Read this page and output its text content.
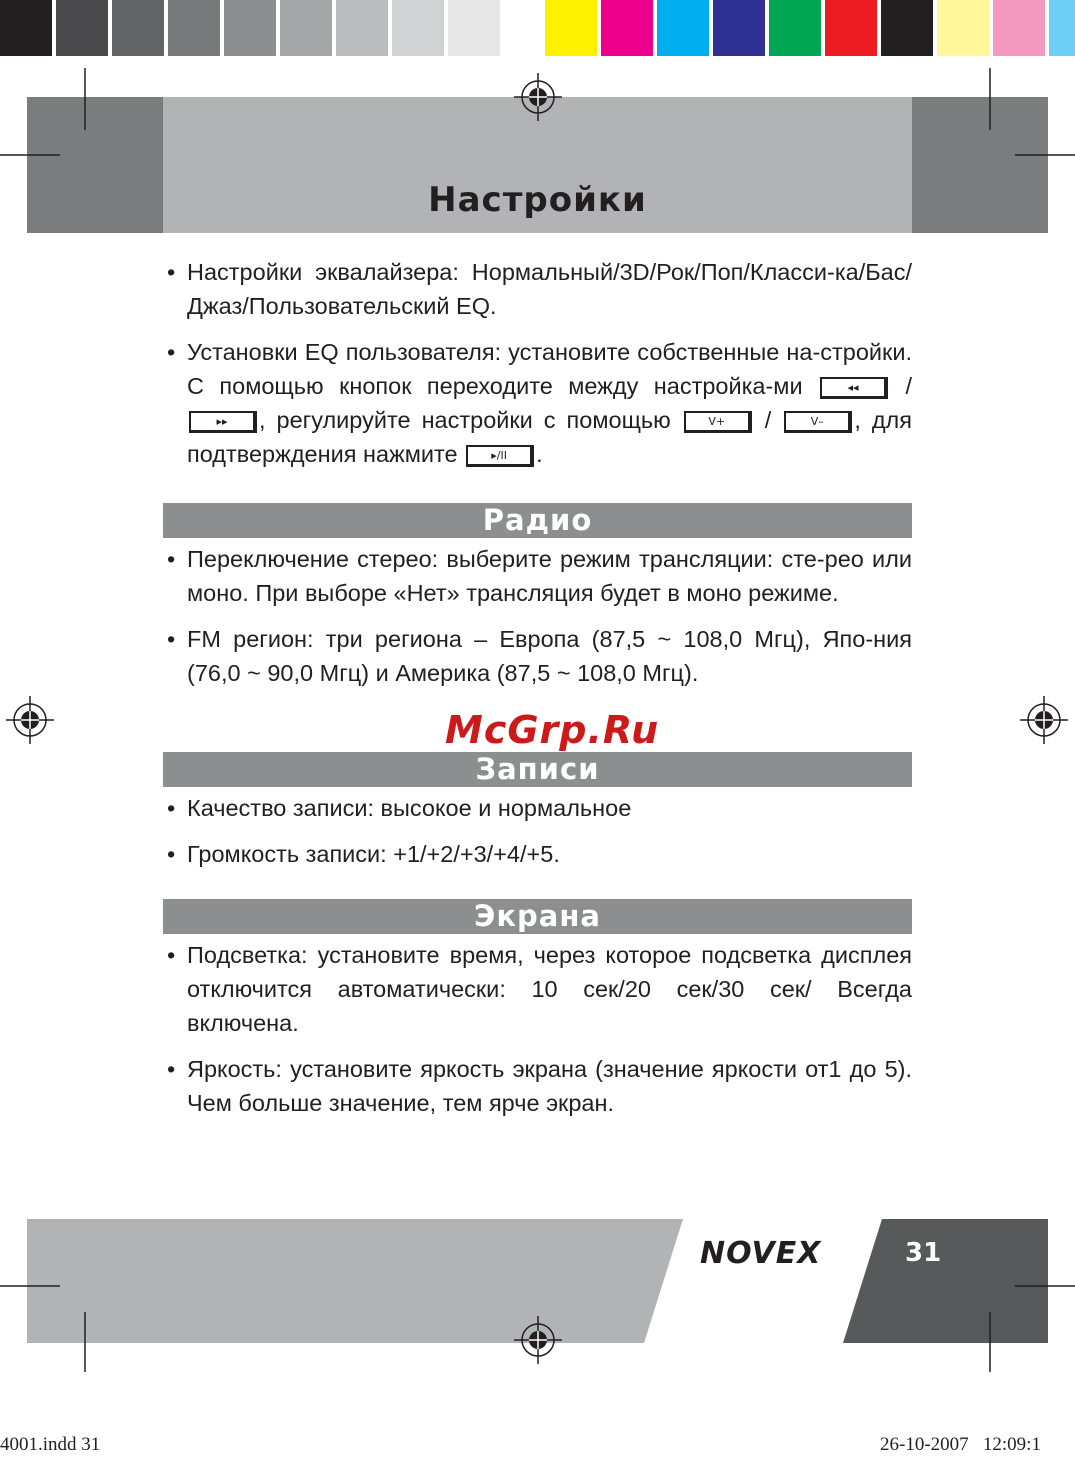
Настройки
• Настройки эквалайзера: Нормальный/3D/Рок/Поп/Класси-ка/Бас/Джаз/Пользовательский EQ.
• Установки EQ пользователя: установите собственные на-стройки. С помощью кнопок переходите между настройка-ми	◂◂ / ▸▸ , регулируйте настройки с помощью V+ /	V– , для подтверждения нажмите ▸/II .
Радио
• Переключение стерео: выберите режим трансляции: сте-рео или моно. При выборе «Нет» трансляция будет в моно режиме.
• FM регион: три региона – Европа (87,5 ~ 108,0 Мгц), Япо-ния (76,0 ~ 90,0 Мгц) и Америка (87,5 ~ 108,0 Мгц).
Записи
• Качество записи: высокое и нормальное
• Громкость записи: +1/+2/+3/+4/+5.
Экрана
• Подсветка: установите время, через которое подсветка дисплея отключится автоматически: 10 сек/20 сек/30 сек/ Всегда включена.
• Яркость: установите яркость экрана (значение яркости от1 до 5). Чем больше значение, тем ярче экран.
McGrp.Ru
NOVEX	31
4001.indd 31	26-10-2007   12:09:1
